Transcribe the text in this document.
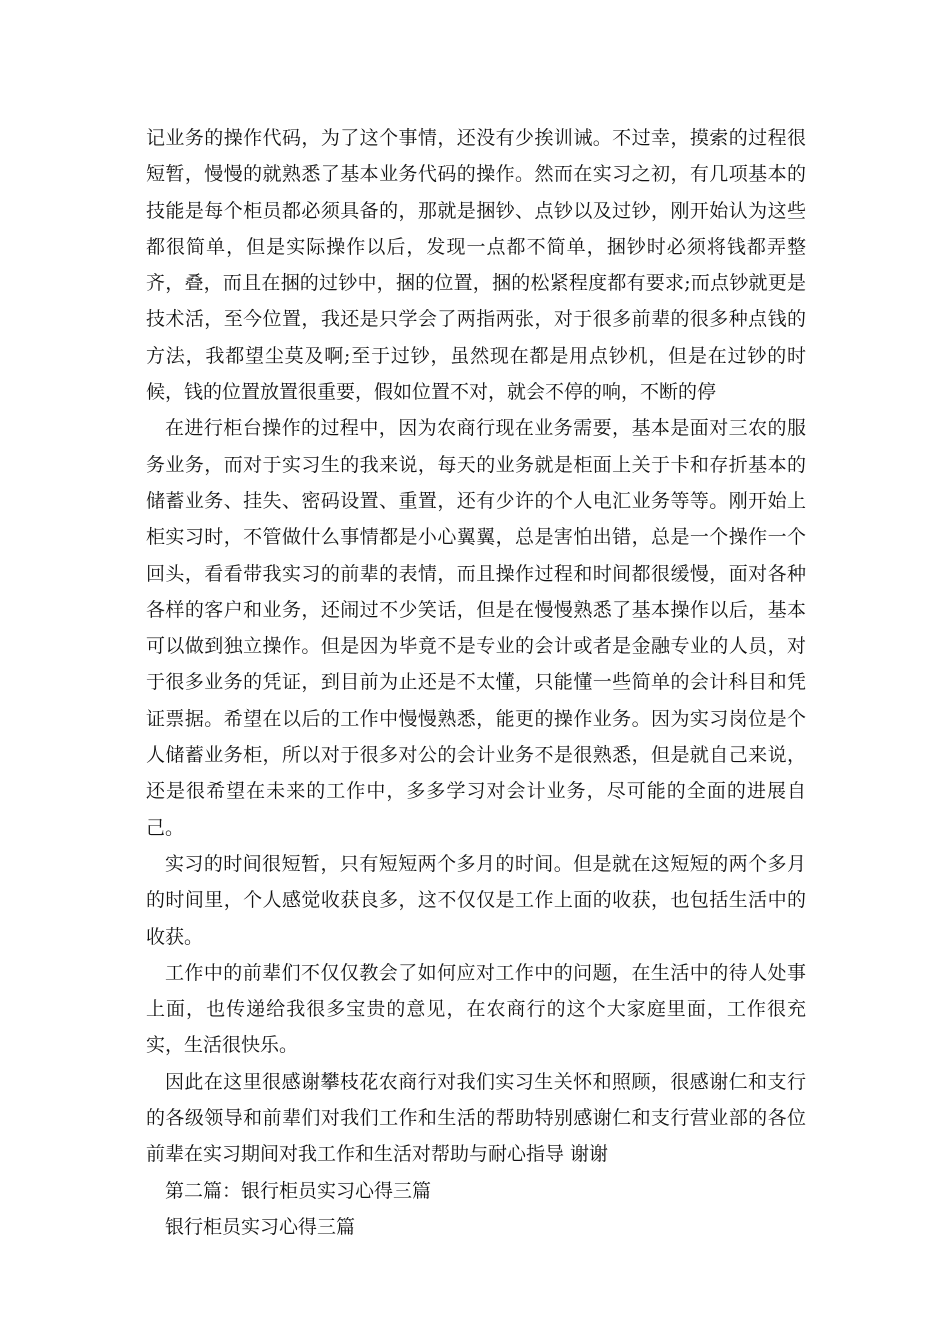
记业务的操作代码，为了这个事情，还没有少挨训诫。不过幸，摸索的过程很短暂，慢慢的就熟悉了基本业务代码的操作。然而在实习之初，有几项基本的技能是每个柜员都必须具备的，那就是捆钞、点钞以及过钞，刚开始认为这些都很简单，但是实际操作以后，发现一点都不简单，捆钞时必须将钱都弄整齐，叠，而且在捆的过钞中，捆的位置，捆的松紧程度都有要求;而点钞就更是技术活，至今位置，我还是只学会了两指两张，对于很多前辈的很多种点钱的方法，我都望尘莫及啊;至于过钞，虽然现在都是用点钞机，但是在过钞的时候，钱的位置放置很重要，假如位置不对，就会不停的响，不断的停

在进行柜台操作的过程中，因为农商行现在业务需要，基本是面对三农的服务业务，而对于实习生的我来说，每天的业务就是柜面上关于卡和存折基本的储蓄业务、挂失、密码设置、重置，还有少许的个人电汇业务等等。刚开始上柜实习时，不管做什么事情都是小心翼翼，总是害怕出错，总是一个操作一个回头，看看带我实习的前辈的表情，而且操作过程和时间都很缓慢，面对各种各样的客户和业务，还闹过不少笑话，但是在慢慢熟悉了基本操作以后，基本可以做到独立操作。但是因为毕竟不是专业的会计或者是金融专业的人员，对于很多业务的凭证，到目前为止还是不太懂，只能懂一些简单的会计科目和凭证票据。希望在以后的工作中慢慢熟悉，能更的操作业务。因为实习岗位是个人储蓄业务柜，所以对于很多对公的会计业务不是很熟悉，但是就自己来说，还是很希望在未来的工作中，多多学习对会计业务，尽可能的全面的进展自己。

实习的时间很短暂，只有短短两个多月的时间。但是就在这短短的两个多月的时间里，个人感觉收获良多，这不仅仅是工作上面的收获，也包括生活中的收获。

工作中的前辈们不仅仅教会了如何应对工作中的问题，在生活中的待人处事上面，也传递给我很多宝贵的意见，在农商行的这个大家庭里面，工作很充实，生活很快乐。

因此在这里很感谢攀枝花农商行对我们实习生关怀和照顾，很感谢仁和支行的各级领导和前辈们对我们工作和生活的帮助特别感谢仁和支行营业部的各位前辈在实习期间对我工作和生活对帮助与耐心指导 谢谢

第二篇：银行柜员实习心得三篇

银行柜员实习心得三篇
